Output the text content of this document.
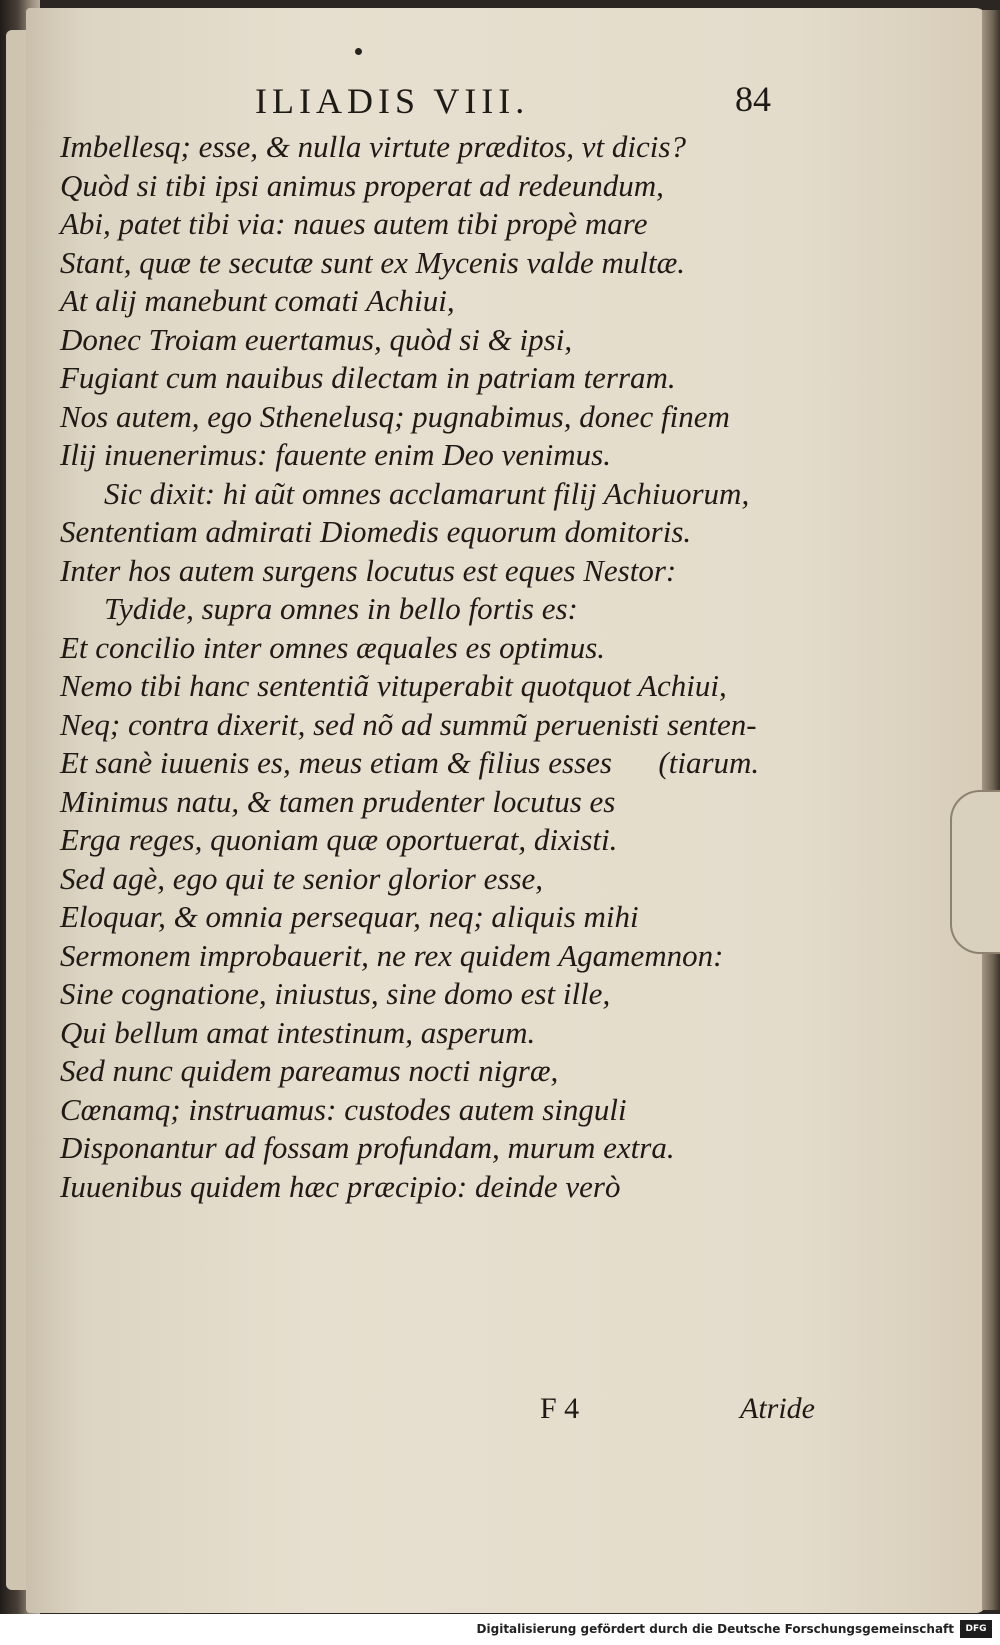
ILIADIS VIII.	84
Imbellesq; esse, & nulla virtute præditos, vt dicis?
Quòd si tibi ipsi animus properat ad redeundum,
Abi, patet tibi via: naues autem tibi propè mare
Stant, quæ te secutæ sunt ex Mycenis valde multæ.
At alij manebunt comati Achiui,
Donec Troiam euertamus, quòd si & ipsi,
Fugiant cum nauibus dilectam in patriam terram.
Nos autem, ego Sthenelusq; pugnabimus, donec finem
Ilij inuenerimus: fauente enim Deo venimus.
Sic dixit: hi aũt omnes acclamarunt filij Achiuorum,
Sententiam admirati Diomedis equorum domitoris.
Inter hos autem surgens locutus est eques Nestor:
Tydide, supra omnes in bello fortis es:
Et concilio inter omnes æquales es optimus.
Nemo tibi hanc sententiã vituperabit quotquot Achiui,
Neq; contra dixerit, sed nõ ad summũ peruenisti senten-
Et sanè iuuenis es, meus etiam & filius esses      (tiarum.
Minimus natu, & tamen prudenter locutus es
Erga reges, quoniam quæ oportuerat, dixisti.
Sed agè, ego qui te senior glorior esse,
Eloquar, & omnia persequar, neq; aliquis mihi
Sermonem improbauerit, ne rex quidem Agamemnon:
Sine cognatione, iniustus, sine domo est ille,
Qui bellum amat intestinum, asperum.
Sed nunc quidem pareamus nocti nigræ,
Cœnamq; instruamus: custodes autem singuli
Disponantur ad fossam profundam, murum extra.
Iuuenibus quidem hæc præcipio: deinde verò
F 4	Atride
Digitalisierung gefördert durch die Deutsche Forschungsgemeinschaft	DFG
